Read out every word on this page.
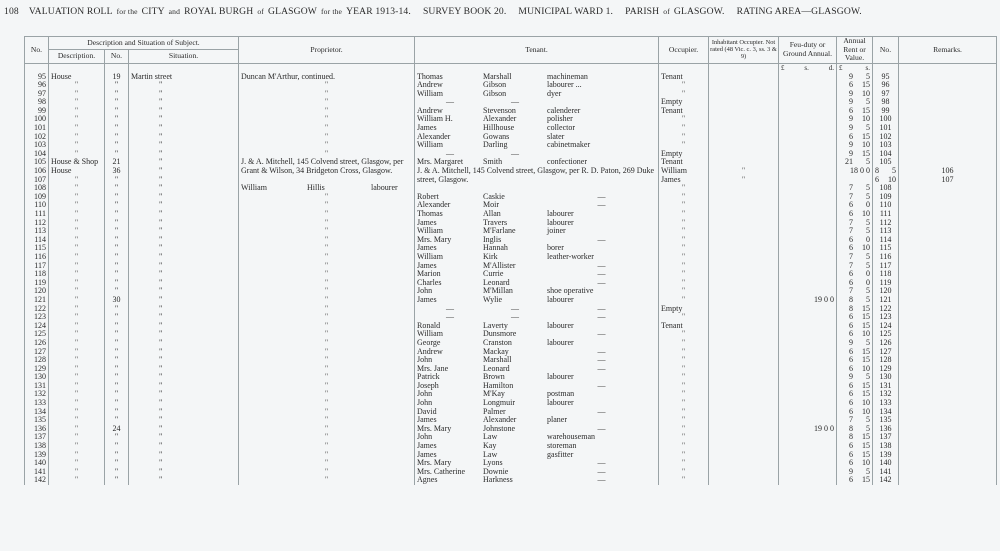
108 VALUATION ROLL for the CITY and ROYAL BURGH of GLASGOW for the YEAR 1913-14. SURVEY BOOK 20. MUNICIPAL WARD 1. PARISH of GLASGOW. RATING AREA—GLASGOW.
No.	Description and Situation of Subject.			Proprietor.	Tenant.	Occupier.	Inhabitant Occupier. Not rated (48 Vic. c. 3, ss. 3 & 9)	Feu-duty or Ground Annual.	Annual Rent or Value.	No.	Remarks.	
	Description.	No.	Situation.									

								£ s. d.	£ s.			

95	House	19	Martin street	Duncan M'Arthur, continued.	Thomas Marshall machineman	Tenant			9 5	95		
96	"	"	"	"	Andrew Gibson labourer ...	"			6 15	96		
97	"	"	"	"	William Gibson dyer	"			9 10	97		
98	"	"	"	"	— —	Empty			9 5	98		
99	"	"	"	"	Andrew Stevenson calenderer	Tenant			6 15	99		
100	"	"	"	"	William H. Alexander polisher	"			9 10	100		
101	"	"	"	"	James Hillhouse collector	"			9 5	101		
102	"	"	"	"	Alexander Gowans slater	"			6 15	102		
103	"	"	"	"	William Darling cabinetmaker	"			9 10	103		
104	"	"	"	"	— —	Empty			9 15	104		
105	House & Shop	21	"	J. & A. Mitchell, 145 Colvend street, Glasgow, per Grant & Wilson, 34 Bridgeton Cross, Glasgow.	Mrs. Margaret Smith confectioner	Tenant			21 5	105		
106	House	36	"		J. & A. Mitchell, 145 Colvend street, Glasgow, per R. D. Paton, 269 Duke street, Glasgow.	William	"		18 0 0	8 5	106	
107	"	"	"			James	"			6 10	107	
108	"	"	"	William Hillis labourer		"			7 5	108		
109	"	"	"	"	Robert Caskie —	"			7 5	109		
110	"	"	"	"	Alexander Moir —	"			6 0	110		
111	"	"	"	"	Thomas Allan labourer	"			6 10	111		
112	"	"	"	"	James Travers labourer	"			7 5	112		
113	"	"	"	"	William M'Farlane joiner	"			7 5	113		
114	"	"	"	"	Mrs. Mary Inglis —	"			6 0	114		
115	"	"	"	"	James Hannah borer	"			6 10	115		
116	"	"	"	"	William Kirk leather-worker	"			7 5	116		
117	"	"	"	"	James M'Allister —	"			7 5	117		
118	"	"	"	"	Marion Currie —	"			6 0	118		
119	"	"	"	"	Charles Leonard —	"			6 0	119		
120	"	"	"	"	John M'Millan shoe operative	"			7 5	120		
121	"	30	"	"	James Wylie labourer	"		19 0 0	8 5	121		
122	"	"	"	"	— — —	Empty			8 15	122		
123	"	"	"	"	— — —	"			6 15	123		
124	"	"	"	"	Ronald Laverty labourer	Tenant			6 15	124		
125	"	"	"	"	William Dunsmore —	"			6 10	125		
126	"	"	"	"	George Cranston labourer	"			9 5	126		
127	"	"	"	"	Andrew Mackay —	"			6 15	127		
128	"	"	"	"	John Marshall —	"			6 15	128		
129	"	"	"	"	Mrs. Jane Leonard —	"			6 10	129		
130	"	"	"	"	Patrick Brown labourer	"			9 5	130		
131	"	"	"	"	Joseph Hamilton —	"			6 15	131		
132	"	"	"	"	John M'Kay postman	"			6 15	132		
133	"	"	"	"	John Longmuir labourer	"			6 10	133		
134	"	"	"	"	David Palmer —	"			6 10	134		
135	"	"	"	"	James Alexander planer	"			7 5	135		
136	"	24	"	"	Mrs. Mary Johnstone —	"		19 0 0	8 5	136		
137	"	"	"	"	John Law warehouseman	"			8 15	137		
138	"	"	"	"	James Kay storeman	"			6 15	138		
139	"	"	"	"	James Law gasfitter	"			6 15	139		
140	"	"	"	"	Mrs. Mary Lyons —	"			6 10	140		
141	"	"	"	"	Mrs. Catherine Downie —	"			9 5	141		
142	"	"	"	"	Agnes Harkness —	"			6 15	142		
